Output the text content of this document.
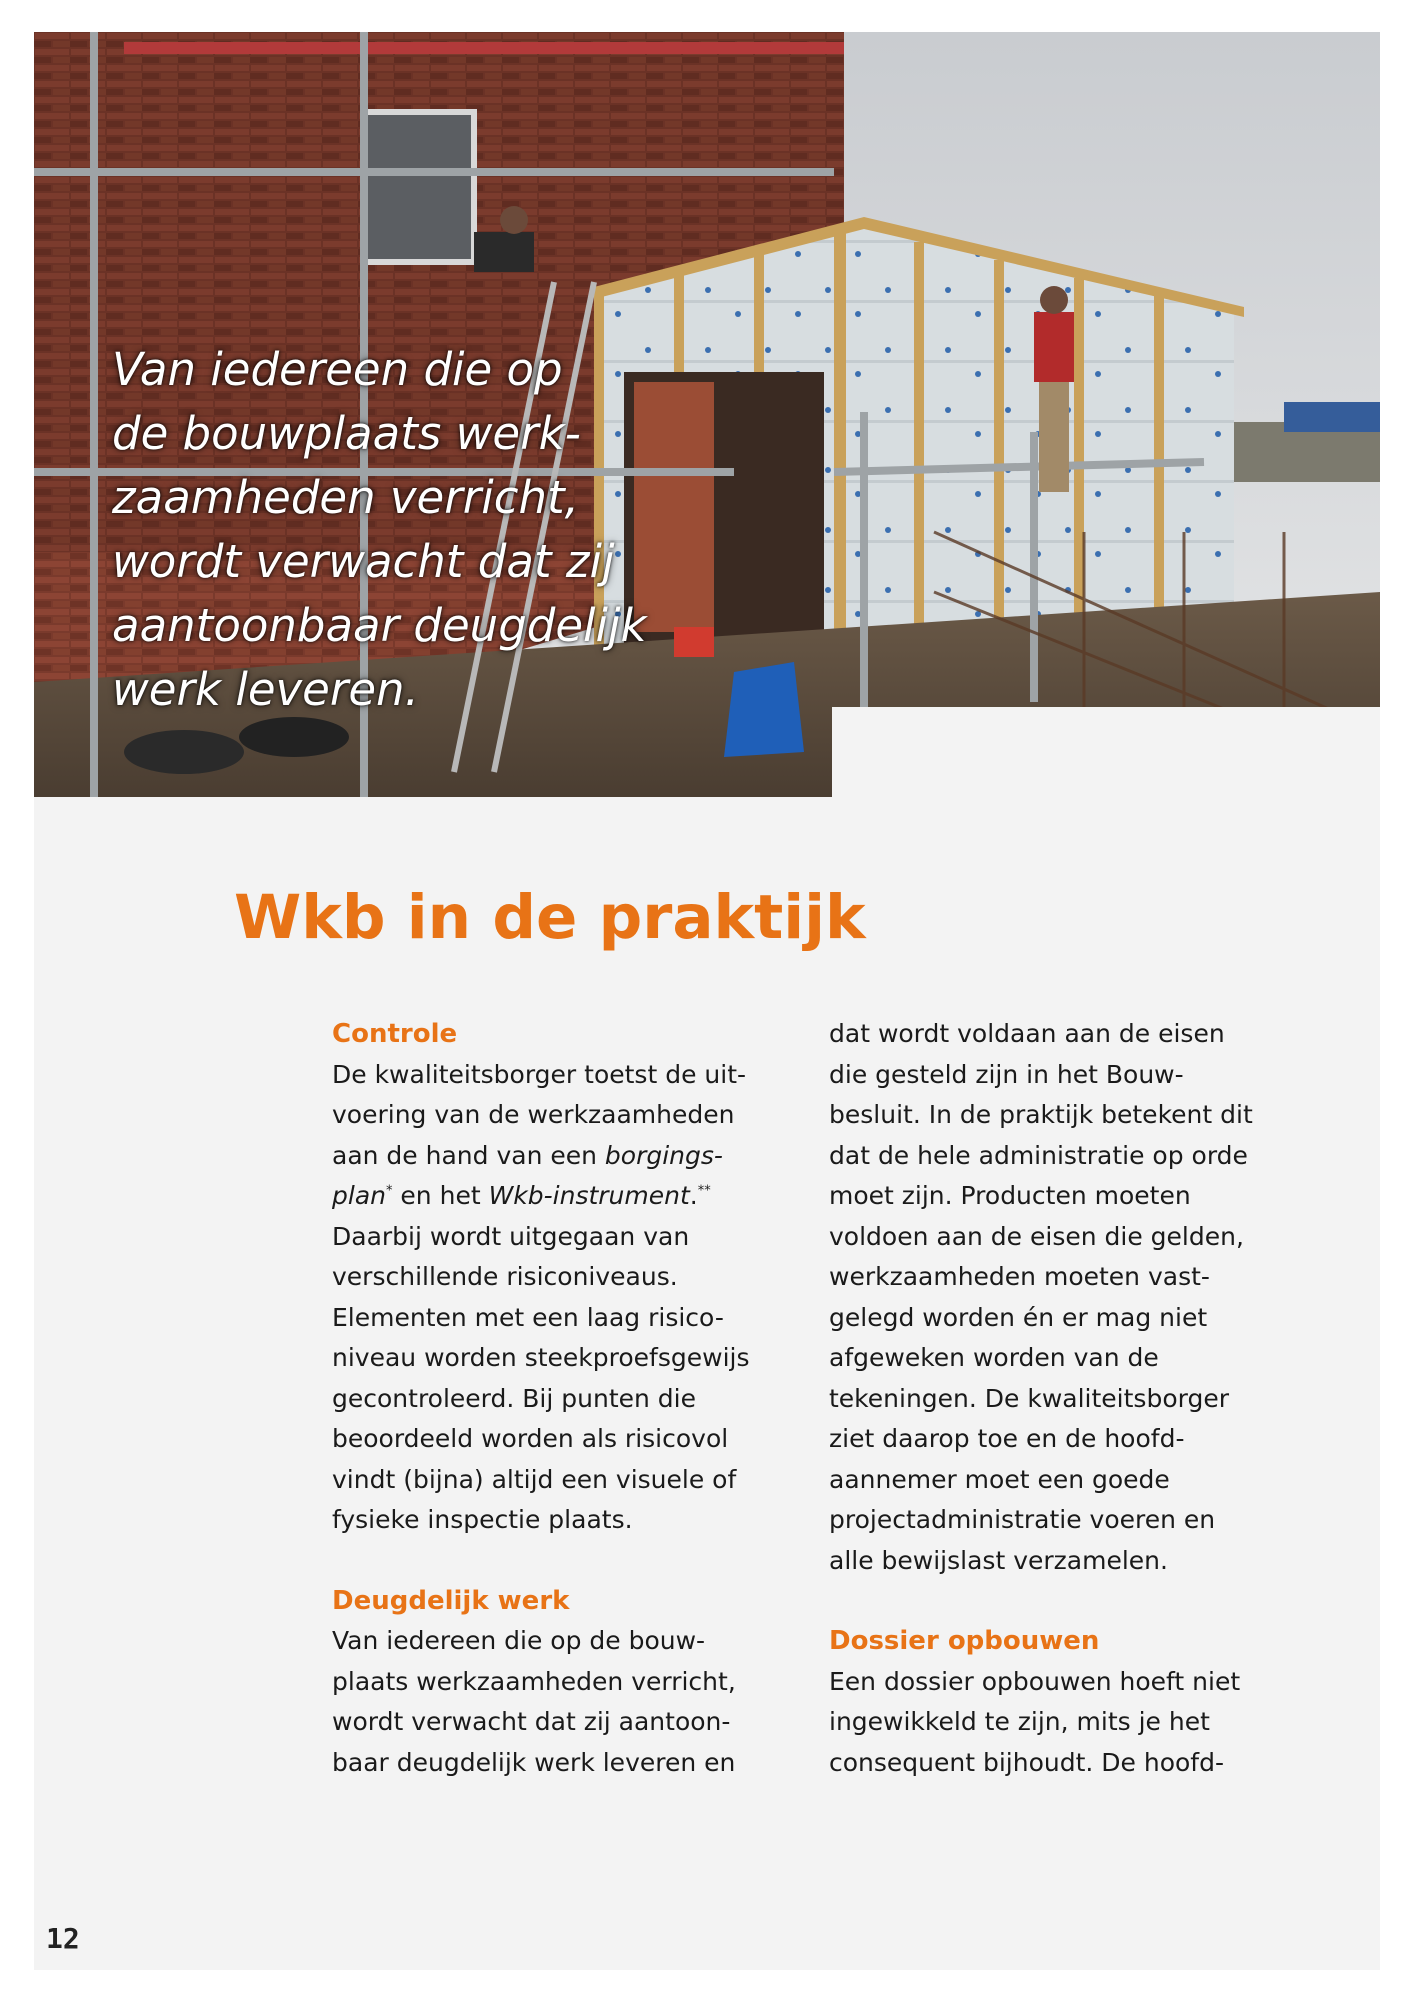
Van iedereen die op
de bouwplaats werk-
zaamheden verricht,
wordt verwacht dat zij
aantoonbaar deugdelijk
werk leveren.
Wkb in de praktijk
Controle

De kwaliteitsborger toetst de uit-
voering van de werkzaamheden
aan de hand van een borgings-
plan* en het Wkb-instrument.**
Daarbij wordt uitgegaan van
verschillende risiconiveaus.
Elementen met een laag risico-
niveau worden steekproefsgewijs
gecontroleerd. Bij punten die
beoordeeld worden als risicovol
vindt (bijna) altijd een visuele of
fysieke inspectie plaats.

Deugdelijk werk

Van iedereen die op de bouw-
plaats werkzaamheden verricht,
wordt verwacht dat zij aantoon-
baar deugdelijk werk leveren en

dat wordt voldaan aan de eisen
die gesteld zijn in het Bouw-
besluit. In de praktijk betekent dit
dat de hele administratie op orde
moet zijn. Producten moeten
voldoen aan de eisen die gelden,
werkzaamheden moeten vast-
gelegd worden én er mag niet
afgeweken worden van de
tekeningen. De kwaliteitsborger
ziet daarop toe en de hoofd-
aannemer moet een goede
projectadministratie voeren en
alle bewijslast verzamelen.

Dossier opbouwen

Een dossier opbouwen hoeft niet
ingewikkeld te zijn, mits je het
consequent bijhoudt. De hoofd-

12
